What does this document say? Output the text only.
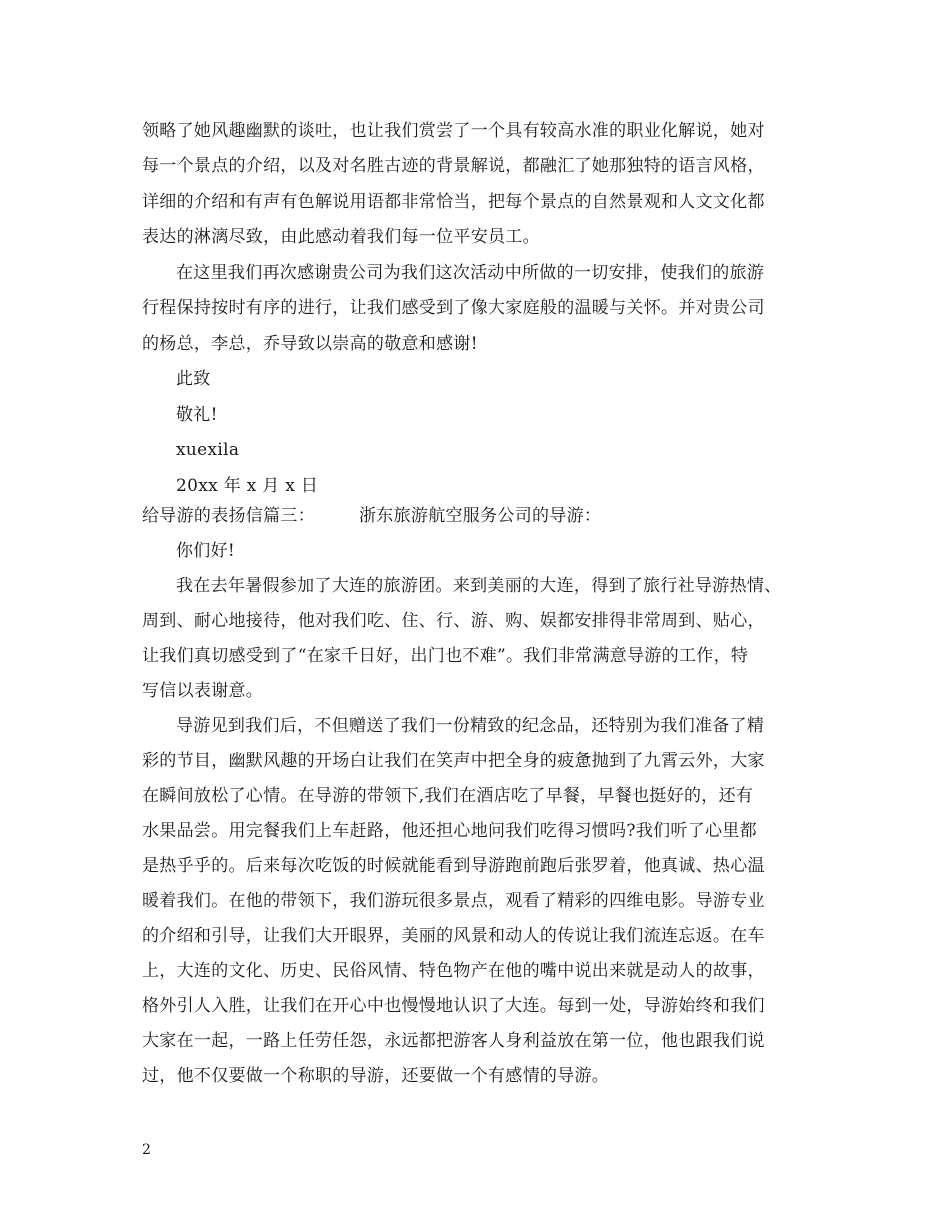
领略了她风趣幽默的谈吐，也让我们赏尝了一个具有较高水准的职业化解说，她对
每一个景点的介绍，以及对名胜古迹的背景解说，都融汇了她那独特的语言风格，
详细的介绍和有声有色解说用语都非常恰当，把每个景点的自然景观和人文文化都
表达的淋漓尽致，由此感动着我们每一位平安员工。
在这里我们再次感谢贵公司为我们这次活动中所做的一切安排，使我们的旅游
行程保持按时有序的进行，让我们感受到了像大家庭般的温暖与关怀。并对贵公司
的杨总，李总，乔导致以崇高的敬意和感谢!
此致
敬礼!
xuexila
20xx 年 x 月 x 日
给导游的表扬信篇三：	浙东旅游航空服务公司的导游：
你们好!
我在去年暑假参加了大连的旅游团。来到美丽的大连，得到了旅行社导游热情、
周到、耐心地接待，他对我们吃、住、行、游、购、娱都安排得非常周到、贴心，
让我们真切感受到了“在家千日好，出门也不难”。我们非常满意导游的工作，特
写信以表谢意。
导游见到我们后，不但赠送了我们一份精致的纪念品，还特别为我们准备了精
彩的节目，幽默风趣的开场白让我们在笑声中把全身的疲惫抛到了九霄云外，大家
在瞬间放松了心情。在导游的带领下,我们在酒店吃了早餐，早餐也挺好的，还有
水果品尝。用完餐我们上车赶路，他还担心地问我们吃得习惯吗?我们听了心里都
是热乎乎的。后来每次吃饭的时候就能看到导游跑前跑后张罗着，他真诚、热心温
暖着我们。在他的带领下，我们游玩很多景点，观看了精彩的四维电影。导游专业
的介绍和引导，让我们大开眼界，美丽的风景和动人的传说让我们流连忘返。在车
上，大连的文化、历史、民俗风情、特色物产在他的嘴中说出来就是动人的故事，
格外引人入胜，让我们在开心中也慢慢地认识了大连。每到一处，导游始终和我们
大家在一起，一路上任劳任怨，永远都把游客人身利益放在第一位，他也跟我们说
过，他不仅要做一个称职的导游，还要做一个有感情的导游。
2
